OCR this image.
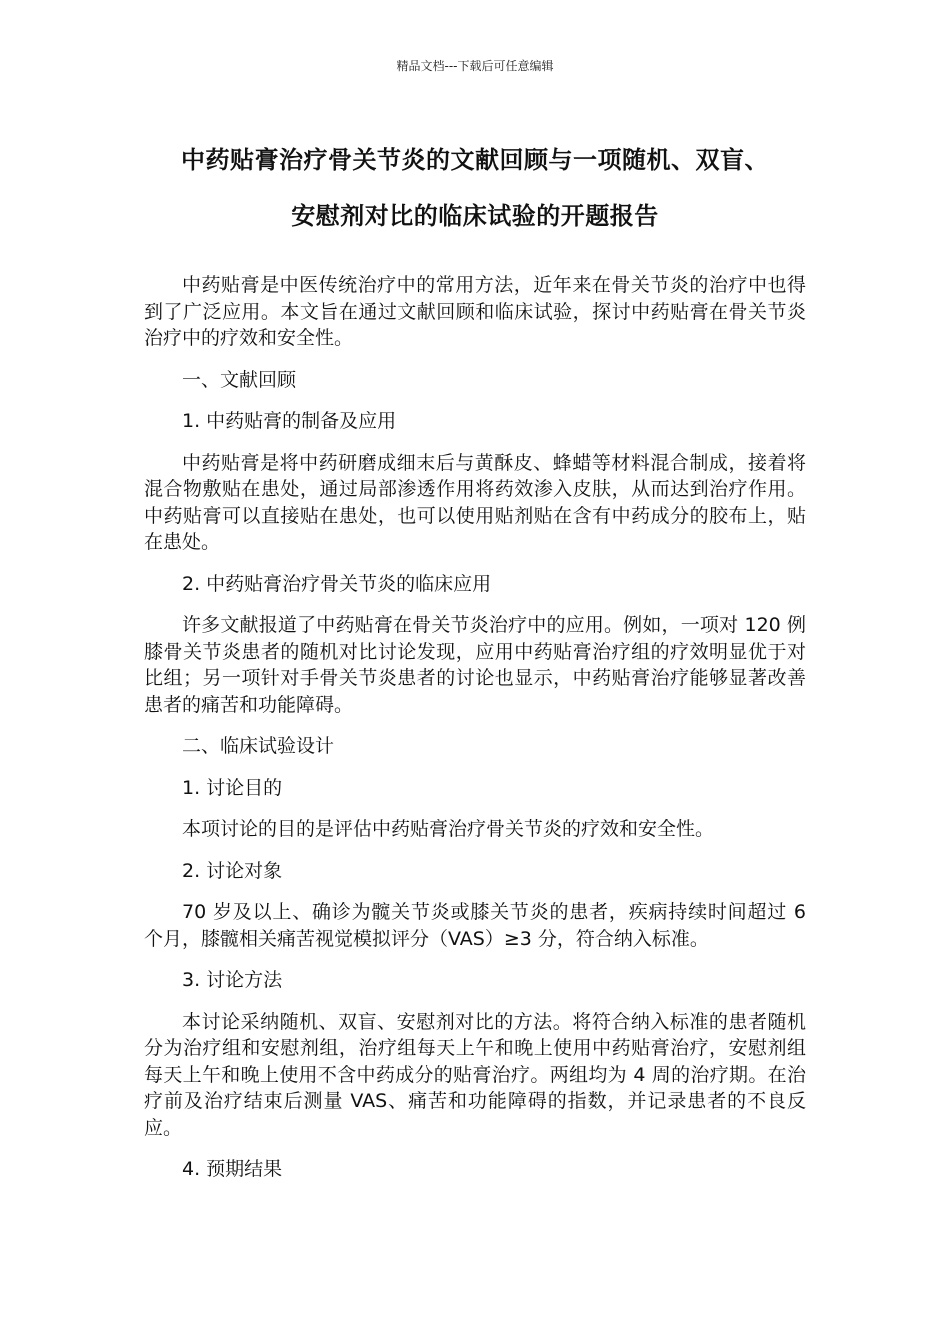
精品文档---下载后可任意编辑
中药贴膏治疗骨关节炎的文献回顾与一项随机、双盲、
安慰剂对比的临床试验的开题报告

中药贴膏是中医传统治疗中的常用方法，近年来在骨关节炎的治疗中也得到了广泛应用。本文旨在通过文献回顾和临床试验，探讨中药贴膏在骨关节炎治疗中的疗效和安全性。

一、文献回顾

1. 中药贴膏的制备及应用

中药贴膏是将中药研磨成细末后与黄酥皮、蜂蜡等材料混合制成，接着将混合物敷贴在患处，通过局部渗透作用将药效渗入皮肤，从而达到治疗作用。中药贴膏可以直接贴在患处，也可以使用贴剂贴在含有中药成分的胶布上，贴在患处。

2. 中药贴膏治疗骨关节炎的临床应用

许多文献报道了中药贴膏在骨关节炎治疗中的应用。例如，一项对 120 例膝骨关节炎患者的随机对比讨论发现，应用中药贴膏治疗组的疗效明显优于对比组；另一项针对手骨关节炎患者的讨论也显示，中药贴膏治疗能够显著改善患者的痛苦和功能障碍。

二、临床试验设计

1. 讨论目的

本项讨论的目的是评估中药贴膏治疗骨关节炎的疗效和安全性。

2. 讨论对象

70 岁及以上、确诊为髋关节炎或膝关节炎的患者，疾病持续时间超过 6 个月，膝髋相关痛苦视觉模拟评分（VAS）≥3 分，符合纳入标准。

3. 讨论方法

本讨论采纳随机、双盲、安慰剂对比的方法。将符合纳入标准的患者随机分为治疗组和安慰剂组，治疗组每天上午和晚上使用中药贴膏治疗，安慰剂组每天上午和晚上使用不含中药成分的贴膏治疗。两组均为 4 周的治疗期。在治疗前及治疗结束后测量 VAS、痛苦和功能障碍的指数，并记录患者的不良反应。

4. 预期结果
